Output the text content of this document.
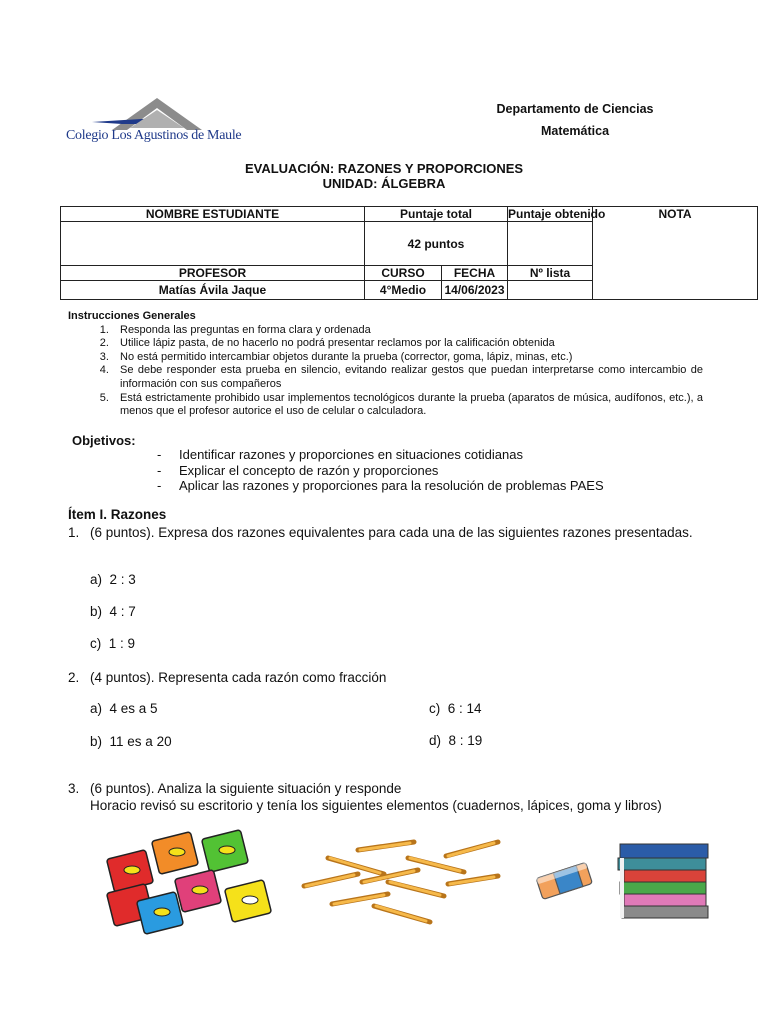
Colegio Los Agustinos de Maule
Departamento de Ciencias
Matemática
EVALUACIÓN: RAZONES Y PROPORCIONES
UNIDAD: ÁLGEBRA
NOMBRE ESTUDIANTE	Puntaje total		Puntaje obtenido	NOTA
	42 puntos			
PROFESOR	CURSO	FECHA	Nº lista	
Matías Ávila Jaque	4°Medio	14/06/2023		
Instrucciones Generales
1. Responda las preguntas en forma clara y ordenada
2. Utilice lápiz pasta, de no hacerlo no podrá presentar reclamos por la calificación obtenida
3. No está permitido intercambiar objetos durante la prueba (corrector, goma, lápiz, minas, etc.)
4. Se debe responder esta prueba en silencio, evitando realizar gestos que puedan interpretarse como intercambio de información con sus compañeros
5. Está estrictamente prohibido usar implementos tecnológicos durante la prueba (aparatos de música, audífonos, etc.), a menos que el profesor autorice el uso de celular o calculadora.
Objetivos:
- Identificar razones y proporciones en situaciones cotidianas
- Explicar el concepto de razón y proporciones
- Aplicar las razones y proporciones para la resolución de problemas PAES
Ítem I. Razones
1. (6 puntos). Expresa dos razones equivalentes para cada una de las siguientes razones presentadas.
a) 2 : 3
b) 4 : 7
c) 1 : 9
2. (4 puntos). Representa cada razón como fracción
a) 4 es a 5	c) 6 : 14
b) 11 es a 20	d) 8 : 19
3. (6 puntos). Analiza la siguiente situación y responde
Horacio revisó su escritorio y tenía los siguientes elementos (cuadernos, lápices, goma y libros)
